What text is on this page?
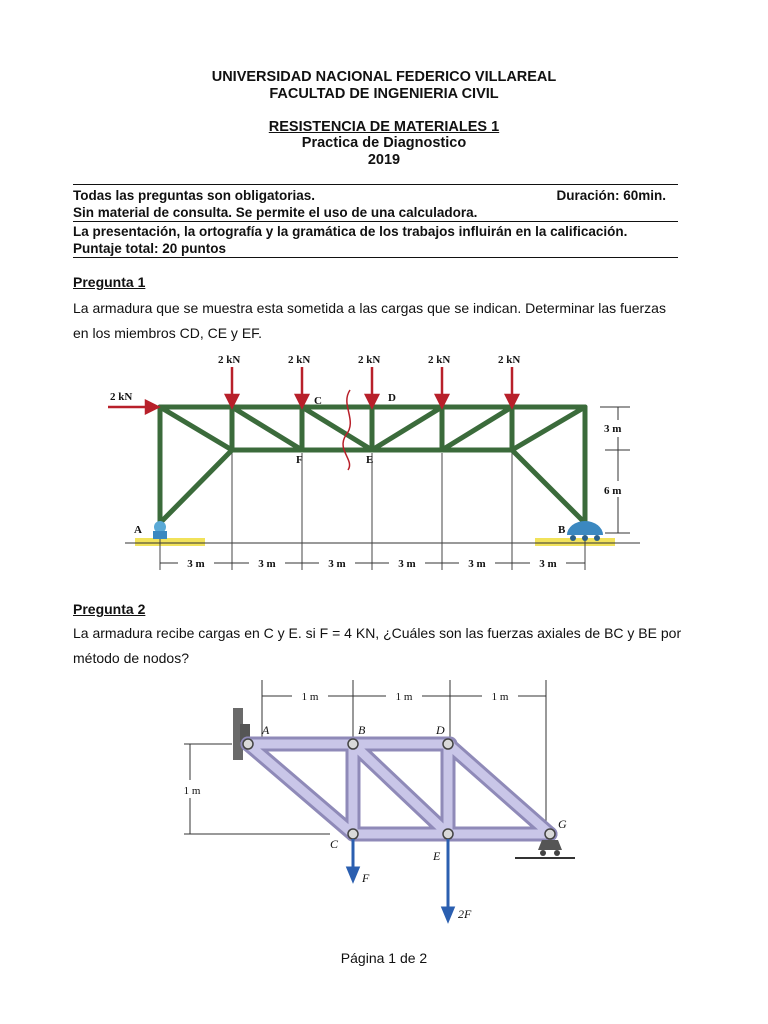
UNIVERSIDAD NACIONAL FEDERICO VILLAREAL
FACULTAD DE INGENIERIA CIVIL
RESISTENCIA DE MATERIALES 1
Practica de Diagnostico
2019
Todas las preguntas son obligatorias.	Duración: 60min.
Sin material de consulta. Se permite el uso de una calculadora.
La presentación, la ortografía y la gramática de los trabajos influirán en la calificación.
Puntaje total: 20 puntos
Pregunta 1
La armadura que se muestra esta sometida a las cargas que se indican. Determinar las fuerzas en los miembros CD, CE y EF.
2 kN	2 kN	2 kN	2 kN	2 kN
2 kN
A	B
C	D
E
F
3 m
6 m
3 m	3 m	3 m	3 m	3 m	3 m
Pregunta 2
La armadura recibe cargas en C y E. si F = 4 KN, ¿Cuáles son las fuerzas axiales de BC y BE por método de nodos?
1 m	1 m	1 m
1 m
A	B	D
C
E
G
F
2F
Página 1 de 2
